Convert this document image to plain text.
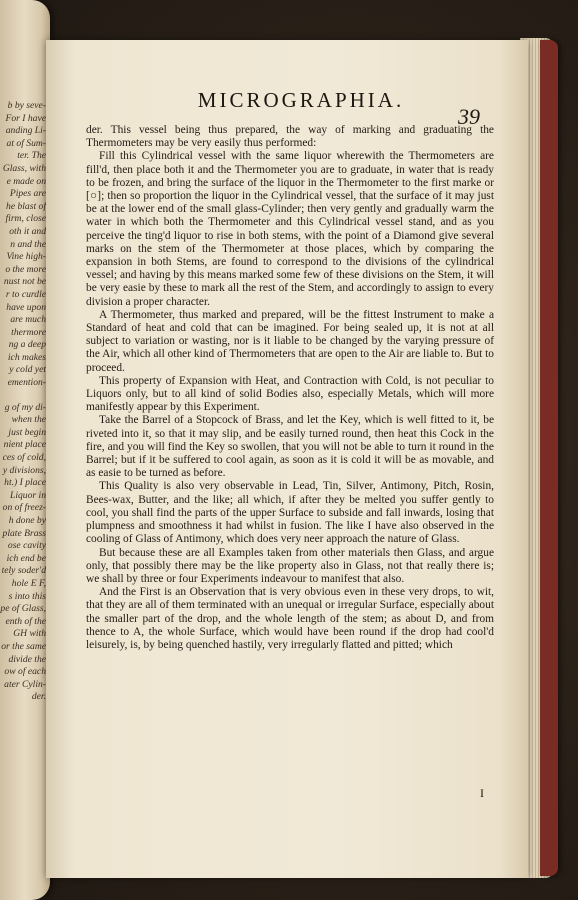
b by seve-
For I have
anding Li-
at of Sum-
ter. The
Glass, with
e made on
Pipes are
he blast of
firm, close
oth it and
n and the
Vine high-
o the more
nust not be
r to curdle
have upon
are much
thermore
ng a deep
ich makes
y cold yet
emention-
g of my di-
when the
just begin
nient place
ces of cold,
y divisions,
ht.) I place
Liquor in
on of freez-
h done by
plate Brass
ose cavity
ich end be
tely soder'd
hole E F,
s into this
pe of Glass,
enth of the
GH with
or the same
divide the
ow of each
ater Cylin-
der.
MICROGRAPHIA.
39

der. This vessel being thus prepared, the way of marking and graduating the Thermometers may be very easily thus performed:

Fill this Cylindrical vessel with the same liquor wherewith the Thermometers are fill'd, then place both it and the Thermometer you are to graduate, in water that is ready to be frozen, and bring the surface of the liquor in the Thermometer to the first marke or [○]; then so proportion the liquor in the Cylindrical vessel, that the surface of it may just be at the lower end of the small glass-Cylinder; then very gently and gradually warm the water in which both the Thermometer and this Cylindrical vessel stand, and as you perceive the ting'd liquor to rise in both stems, with the point of a Diamond give several marks on the stem of the Thermometer at those places, which by comparing the expansion in both Stems, are found to correspond to the divisions of the cylindrical vessel; and having by this means marked some few of these divisions on the Stem, it will be very easie by these to mark all the rest of the Stem, and accordingly to assign to every division a proper character.

A Thermometer, thus marked and prepared, will be the fittest Instrument to make a Standard of heat and cold that can be imagined. For being sealed up, it is not at all subject to variation or wasting, nor is it liable to be changed by the varying pressure of the Air, which all other kind of Thermometers that are open to the Air are liable to. But to proceed.

This property of Expansion with Heat, and Contraction with Cold, is not peculiar to Liquors only, but to all kind of solid Bodies also, especially Metals, which will more manifestly appear by this Experiment.

Take the Barrel of a Stopcock of Brass, and let the Key, which is well fitted to it, be riveted into it, so that it may slip, and be easily turned round, then heat this Cock in the fire, and you will find the Key so swollen, that you will not be able to turn it round in the Barrel; but if it be suffered to cool again, as soon as it is cold it will be as movable, and as easie to be turned as before.

This Quality is also very observable in Lead, Tin, Silver, Antimony, Pitch, Rosin, Bees-wax, Butter, and the like; all which, if after they be melted you suffer gently to cool, you shall find the parts of the upper Surface to subside and fall inwards, losing that plumpness and smoothness it had whilst in fusion. The like I have also observed in the cooling of Glass of Antimony, which does very neer approach the nature of Glass.

But because these are all Examples taken from other materials then Glass, and argue only, that possibly there may be the like property also in Glass, not that really there is; we shall by three or four Experiments indeavour to manifest that also.

And the First is an Observation that is very obvious even in these very drops, to wit, that they are all of them terminated with an unequal or irregular Surface, especially about the smaller part of the drop, and the whole length of the stem; as about D, and from thence to A, the whole Surface, which would have been round if the drop had cool'd leisurely, is, by being quenched hastily, very irregularly flatted and pitted; which

I
